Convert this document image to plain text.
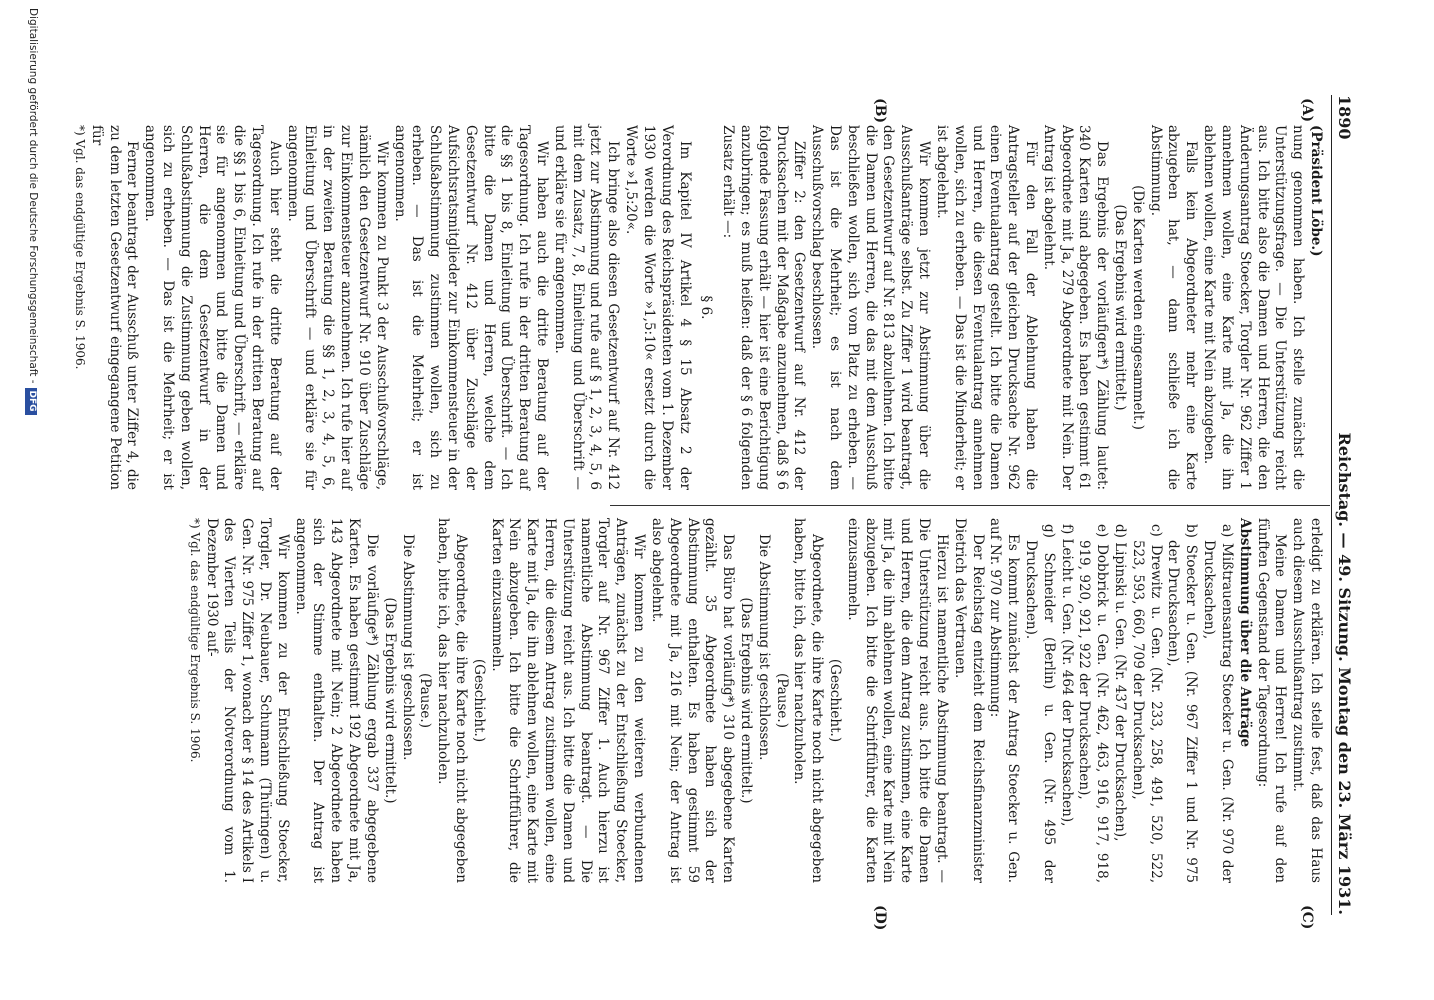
1890
Reichstag. — 49. Sitzung. Montag den 23. März 1931.
(A)
(B)
(C)
(D)

(Präsident Löbe.)

nung genommen haben. Ich stelle zunächst die Unterstützungsfrage. — Die Unterstützung reicht aus. Ich bitte also die Damen und Herren, die den Änderungsantrag Stoecker, Torgler Nr. 962 Ziffer 1 annehmen wollen, eine Karte mit Ja, die ihn ablehnen wollen, eine Karte mit Nein abzugeben.

Falls kein Abgeordneter mehr eine Karte abzugeben hat, — dann schließe ich die Abstimmung.

(Die Karten werden eingesammelt.)

(Das Ergebnis wird ermittelt.)

Das Ergebnis der vorläufigen*) Zählung lautet: 340 Karten sind abgegeben. Es haben gestimmt 61 Abgeordnete mit Ja, 279 Abgeordnete mit Nein. Der Antrag ist abgelehnt.

Für den Fall der Ablehnung haben die Antragsteller auf der gleichen Drucksache Nr. 962 einen Eventualantrag gestellt. Ich bitte die Damen und Herren, die diesen Eventualantrag annehmen wollen, sich zu erheben. — Das ist die Minderheit; er ist abgelehnt.

Wir kommen jetzt zur Abstimmung über die Ausschußanträge selbst. Zu Ziffer 1 wird beantragt, den Gesetzentwurf auf Nr. 813 abzulehnen. Ich bitte die Damen und Herren, die das mit dem Ausschuß beschließen wollen, sich vom Platz zu erheben. — Das ist die Mehrheit; es ist nach dem Ausschußvorschlag beschlossen.

Ziffer 2: den Gesetzentwurf auf Nr. 412 der Drucksachen mit der Maßgabe anzunehmen, daß § 6 folgende Fassung erhält — hier ist eine Berichtigung anzubringen; es muß heißen: daß der § 6 folgenden Zusatz erhält —:

§ 6.

Im Kapitel IV Artikel 4 § 15 Absatz 2 der Verordnung des Reichspräsidenten vom 1. Dezember 1930 werden die Worte »1,5:10« ersetzt durch die Worte »1,5:20«.

Ich bringe also diesen Gesetzentwurf auf Nr. 412 jetzt zur Abstimmung und rufe auf § 1, 2, 3, 4, 5, 6 mit dem Zusatz, 7, 8, Einleitung und Überschrift — und erkläre sie für angenommen.

Wir haben auch die dritte Beratung auf der Tagesordnung. Ich rufe in der dritten Beratung auf die §§ 1 bis 8, Einleitung und Überschrift. — Ich bitte die Damen und Herren, welche dem Gesetzentwurf Nr. 412 über Zuschläge der Aufsichtsratsmitglieder zur Einkommensteuer in der Schlußabstimmung zustimmen wollen, sich zu erheben. — Das ist die Mehrheit; er ist angenommen.

Wir kommen zu Punkt 3 der Ausschußvorschläge, nämlich den Gesetzentwurf Nr. 910 über Zuschläge zur Einkommensteuer anzunehmen. Ich rufe hier auf in der zweiten Beratung die §§ 1, 2, 3, 4, 5, 6, Einleitung und Überschrift — und erkläre sie für angenommen.

Auch hier steht die dritte Beratung auf der Tagesordnung. Ich rufe in der dritten Beratung auf die §§ 1 bis 6, Einleitung und Überschrift, — erkläre sie für angenommen und bitte die Damen und Herren, die dem Gesetzentwurf in der Schlußabstimmung die Zustimmung geben wollen, sich zu erheben. — Das ist die Mehrheit; er ist angenommen.

Ferner beantragt der Ausschuß unter Ziffer 4, die zu dem letzten Gesetzentwurf eingegangene Petition für

*) Vgl. das endgültige Ergebnis S. 1906.

erledigt zu erklären. Ich stelle fest, daß das Haus auch diesem Ausschußantrag zustimmt.

Meine Damen und Herren! Ich rufe auf den fünften Gegenstand der Tagesordnung:

Abstimmung über die Anträge

a) Mißtrauensantrag Stoecker u. Gen. (Nr. 970 der Drucksachen),

b) Stoecker u. Gen. (Nr. 967 Ziffer 1 und Nr. 975 der Drucksachen),

c) Drewitz u. Gen. (Nr. 233, 258, 491, 520, 522, 523, 593, 660, 709 der Drucksachen),

d) Lipinski u. Gen. (Nr. 437 der Drucksachen),

e) Dobbrick u. Gen. (Nr. 462, 463, 916, 917, 918, 919, 920, 921, 922 der Drucksachen),

f) Leicht u. Gen. (Nr. 464 der Drucksachen),

g) Schneider (Berlin) u. Gen. (Nr. 495 der Drucksachen).

Es kommt zunächst der Antrag Stoecker u. Gen. auf Nr. 970 zur Abstimmung:

Der Reichstag entzieht dem Reichsfinanzminister Dietrich das Vertrauen.

Hierzu ist namentliche Abstimmung beantragt. — Die Unterstützung reicht aus. Ich bitte die Damen und Herren, die dem Antrag zustimmen, eine Karte mit Ja, die ihn ablehnen wollen, eine Karte mit Nein abzugeben. Ich bitte die Schriftführer, die Karten einzusammeln.

(Geschieht.)

Abgeordnete, die ihre Karte noch nicht abgegeben haben, bitte ich, das hier nachzuholen.

(Pause.)

Die Abstimmung ist geschlossen.

(Das Ergebnis wird ermittelt.)

Das Büro hat vorläufig*) 310 abgegebene Karten gezählt. 35 Abgeordnete haben sich der Abstimmung enthalten. Es haben gestimmt 59 Abgeordnete mit Ja, 216 mit Nein; der Antrag ist also abgelehnt.

Wir kommen zu den weiteren verbundenen Anträgen, zunächst zu der Entschließung Stoecker, Torgler auf Nr. 967 Ziffer 1. Auch hierzu ist namentliche Abstimmung beantragt. — Die Unterstützung reicht aus. Ich bitte die Damen und Herren, die diesem Antrag zustimmen wollen, eine Karte mit Ja, die ihn ablehnen wollen, eine Karte mit Nein abzugeben. Ich bitte die Schriftführer, die Karten einzusammeln.

(Geschieht.)

Abgeordnete, die ihre Karte noch nicht abgegeben haben, bitte ich, das hier nachzuholen.

(Pause.)

Die Abstimmung ist geschlossen.

(Das Ergebnis wird ermittelt.)

Die vorläufige*) Zählung ergab 337 abgegebene Karten. Es haben gestimmt 192 Abgeordnete mit Ja, 143 Abgeordnete mit Nein; 2 Abgeordnete haben sich der Stimme enthalten. Der Antrag ist angenommen.

Wir kommen zu der Entschließung Stoecker, Torgler, Dr. Neubauer, Schumann (Thüringen) u. Gen. Nr. 975 Ziffer 1, wonach der § 14 des Artikels I des Vierten Teils der Notverordnung vom 1. Dezember 1930 auf-

*) Vgl. das endgültige Ergebnis S. 1906.

Digitalisierung gefördert durch die Deutsche Forschungsgemeinschaft -DFG
